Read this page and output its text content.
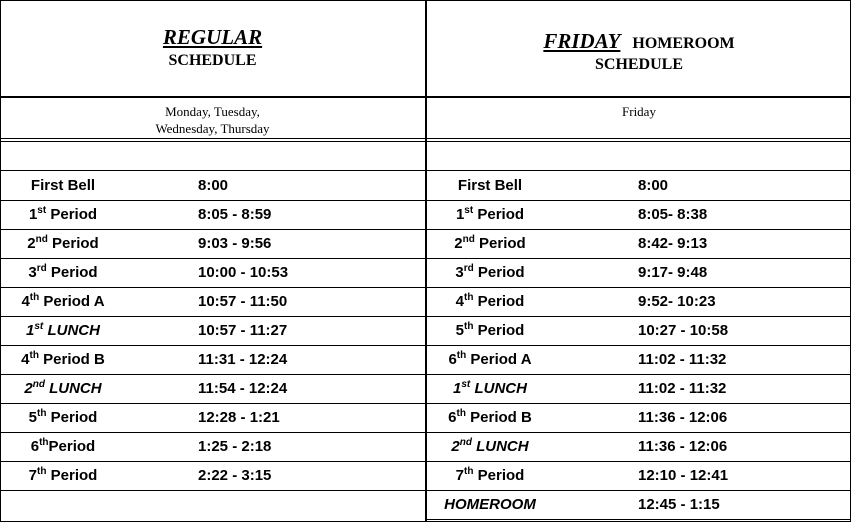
REGULAR
SCHEDULE
FRIDAY HOMEROOM
SCHEDULE
Monday, Tuesday,
Wednesday, Thursday
Friday
First Bell	8:00
1st Period	8:05 - 8:59
2nd Period	9:03 - 9:56
3rd Period	10:00 - 10:53
4th Period A	10:57 - 11:50
1st LUNCH	10:57 - 11:27
4th Period B	11:31 - 12:24
2nd LUNCH	11:54 - 12:24
5th Period	12:28 - 1:21
6thPeriod	1:25 - 2:18
7th Period	2:22 - 3:15
First Bell	8:00
1st Period	8:05- 8:38
2nd Period	8:42- 9:13
3rd Period	9:17- 9:48
4th Period	9:52- 10:23
5th Period	10:27 - 10:58
6th Period A	11:02 - 11:32
1st LUNCH	11:02 - 11:32
6th Period B	11:36 - 12:06
2nd LUNCH	11:36 - 12:06
7th Period	12:10 - 12:41
HOMEROOM	12:45 - 1:15
